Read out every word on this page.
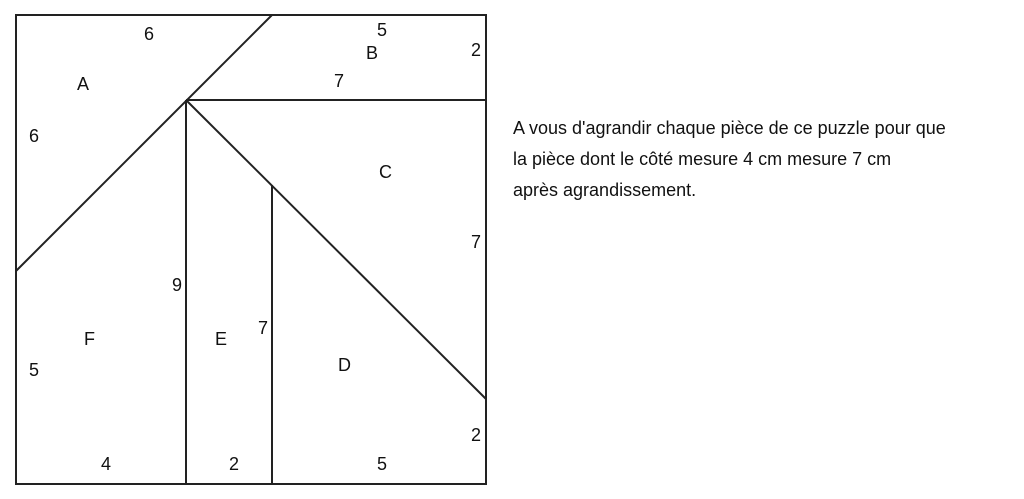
A
B
C
D
E
F
6
6
5
2
7
7
9
7
5
2
4	2	5

A vous d'agrandir chaque pièce de ce puzzle pour que

la pièce dont le côté mesure 4 cm mesure 7 cm

après agrandissement.
